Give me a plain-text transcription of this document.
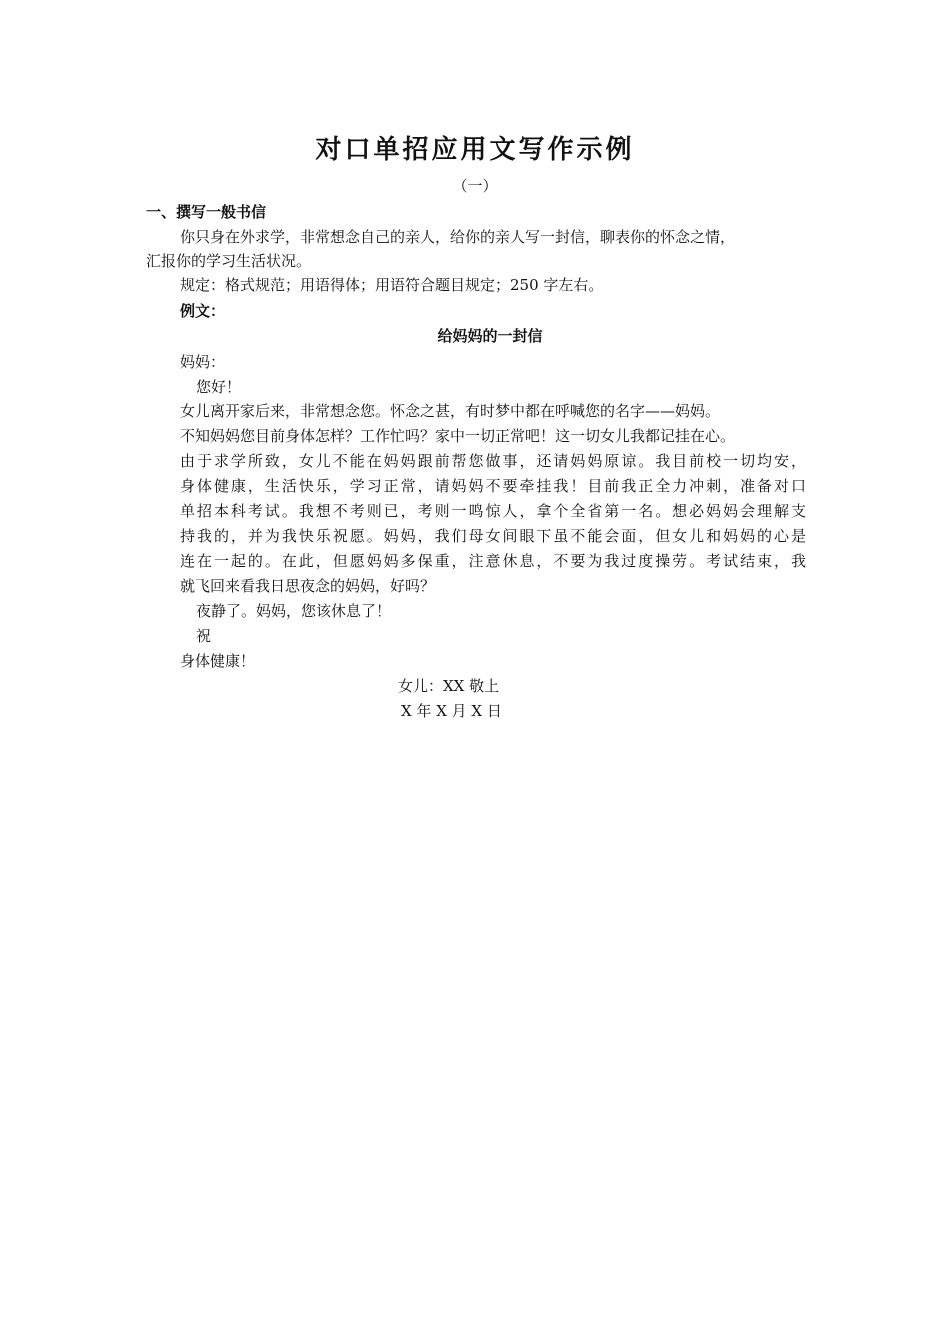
对口单招应用文写作示例
（一）
一、撰写一般书信
你只身在外求学，非常想念自己的亲人，给你的亲人写一封信，聊表你的怀念之情，
汇报你的学习生活状况。
规定：格式规范；用语得体；用语符合题目规定；250 字左右。
例文：
给妈妈的一封信
妈妈：
您好！
女儿离开家后来，非常想念您。怀念之甚，有时梦中都在呼喊您的名字——妈妈。
不知妈妈您目前身体怎样？工作忙吗？家中一切正常吧！这一切女儿我都记挂在心。
由于求学所致，女儿不能在妈妈跟前帮您做事，还请妈妈原谅。我目前校一切均安，
身体健康，生活快乐，学习正常，请妈妈不要牵挂我！目前我正全力冲刺，准备对口
单招本科考试。我想不考则已，考则一鸣惊人，拿个全省第一名。想必妈妈会理解支
持我的，并为我快乐祝愿。妈妈，我们母女间眼下虽不能会面，但女儿和妈妈的心是
连在一起的。在此，但愿妈妈多保重，注意休息，不要为我过度操劳。考试结束，我
就飞回来看我日思夜念的妈妈，好吗？
夜静了。妈妈，您该休息了！
祝
身体健康！
女儿：XX 敬上
X 年 X 月 X 日
